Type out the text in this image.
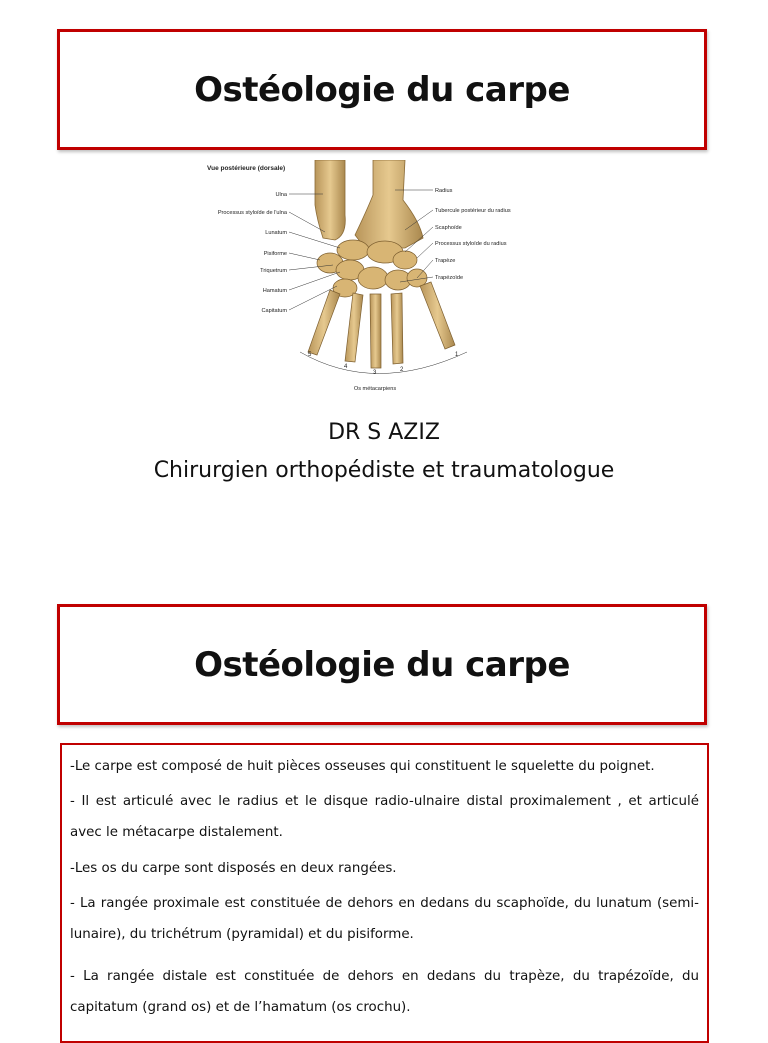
Ostéologie du carpe
Vue postérieure (dorsale)
Ulna
Processus styloïde de l'ulna
Lunatum
Pisiforme
Triquetrum
Hamatum
Capitatum
Radius
Tubercule postérieur du radius
Scaphoïde
Processus styloïde du radius
Trapèze
Trapézoïde
5
4
3	2
1
Os métacarpiens
DR S AZIZ
Chirurgien orthopédiste et traumatologue
Ostéologie du carpe

-Le carpe est composé de huit pièces osseuses qui constituent le squelette du poignet.

- Il est articulé avec le radius et le disque radio-ulnaire distal proximalement , et articulé avec le métacarpe distalement.

-Les os du carpe sont disposés en deux rangées.

- La rangée proximale est constituée de dehors en dedans du scaphoïde, du lunatum (semi-lunaire), du trichétrum (pyramidal) et du pisiforme.

- La rangée distale est constituée de dehors en dedans du trapèze, du trapézoïde, du capitatum (grand os) et de l’hamatum (os crochu).
